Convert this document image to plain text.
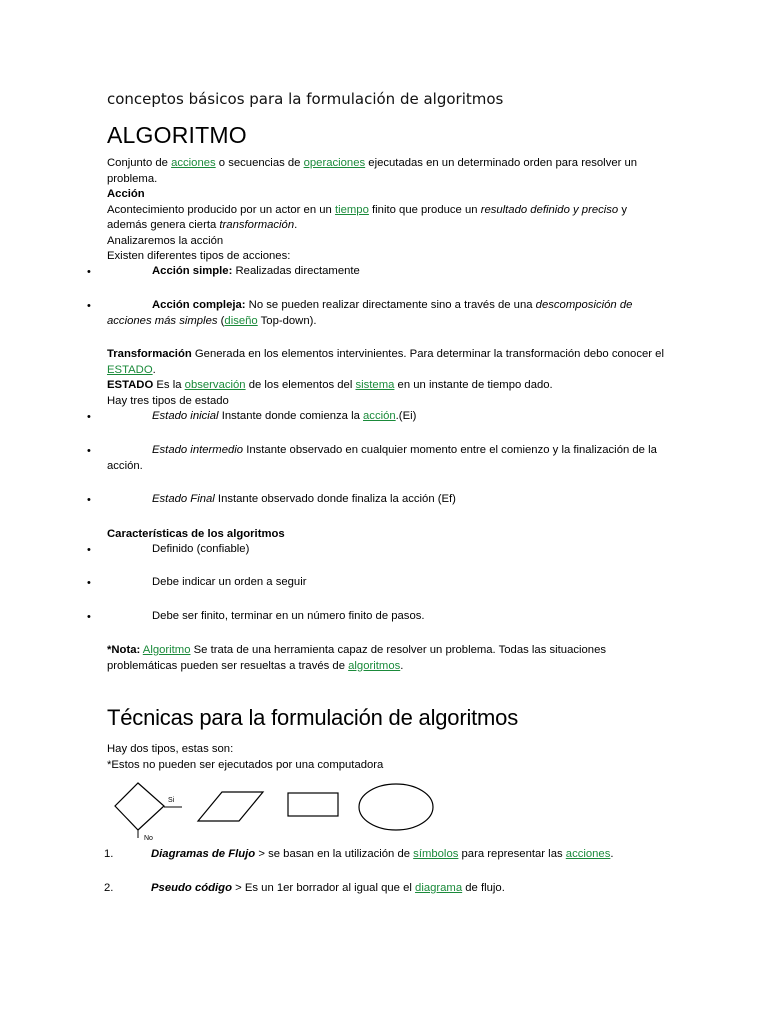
conceptos básicos para la formulación de algoritmos
ALGORITMO
Conjunto de acciones o secuencias de operaciones ejecutadas en un determinado orden para resolver un problema.
Acción
Acontecimiento producido por un actor en un tiempo finito que produce un resultado definido y preciso y además genera cierta transformación.
Analizaremos la acción
Existen diferentes tipos de acciones:
•	Acción simple: Realizadas directamente
•	Acción compleja: No se pueden realizar directamente sino a través de una descomposición de acciones más simples (diseño Top-down).
Transformación Generada en los elementos intervinientes. Para determinar la transformación debo conocer el ESTADO.
ESTADO Es la observación de los elementos del sistema en un instante de tiempo dado.
Hay tres tipos de estado
•	Estado inicial Instante donde comienza la acción.(Ei)
•	Estado intermedio Instante observado en cualquier momento entre el comienzo y la finalización de la acción.
•	Estado Final Instante observado donde finaliza la acción (Ef)
Características de los algoritmos
•	Definido (confiable)
•	Debe indicar un orden a seguir
•	Debe ser finito, terminar en un número finito de pasos.
*Nota: Algoritmo Se trata de una herramienta capaz de resolver un problema. Todas las situaciones problemáticas pueden ser resueltas a través de algoritmos.
Técnicas para la formulación de algoritmos
Hay dos tipos, estas son:
*Estos no pueden ser ejecutados por una computadora
Si
No
1.	Diagramas de Flujo > se basan en la utilización de símbolos para representar las acciones.
2.	Pseudo código > Es un 1er borrador al igual que el diagrama de flujo.
